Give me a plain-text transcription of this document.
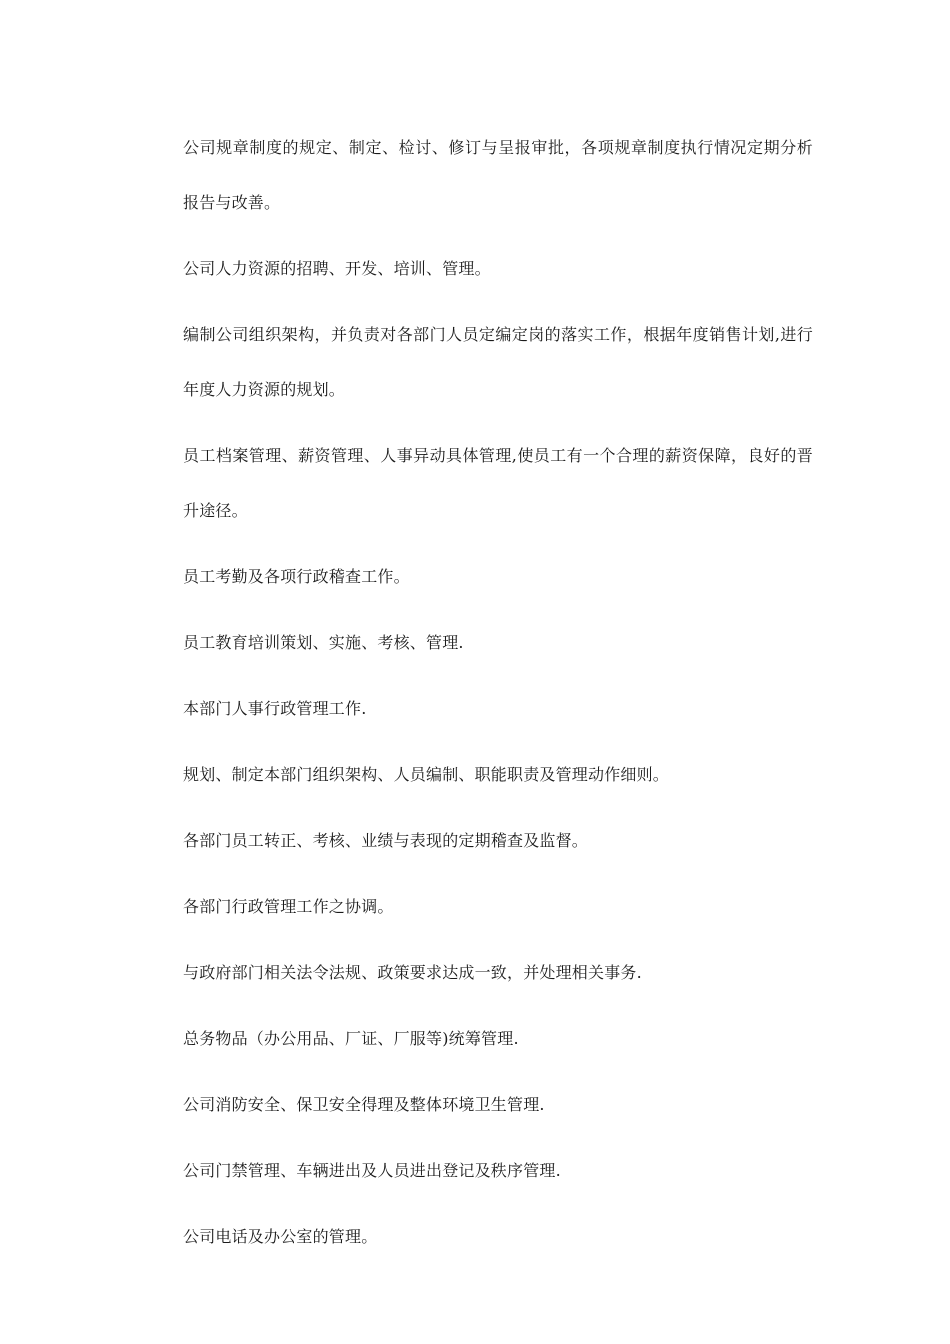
公司规章制度的规定、制定、检讨、修订与呈报审批，各项规章制度执行情况定期分析报告与改善。

公司人力资源的招聘、开发、培训、管理。

编制公司组织架构，并负责对各部门人员定编定岗的落实工作，根据年度销售计划,进行年度人力资源的规划。

员工档案管理、薪资管理、人事异动具体管理,使员工有一个合理的薪资保障，良好的晋升途径。

员工考勤及各项行政稽查工作。

员工教育培训策划、实施、考核、管理.

本部门人事行政管理工作.

规划、制定本部门组织架构、人员编制、职能职责及管理动作细则。

各部门员工转正、考核、业绩与表现的定期稽查及监督。

各部门行政管理工作之协调。

与政府部门相关法令法规、政策要求达成一致，并处理相关事务.

总务物品（办公用品、厂证、厂服等)统筹管理.

公司消防安全、保卫安全得理及整体环境卫生管理.

公司门禁管理、车辆进出及人员进出登记及秩序管理.

公司电话及办公室的管理。
